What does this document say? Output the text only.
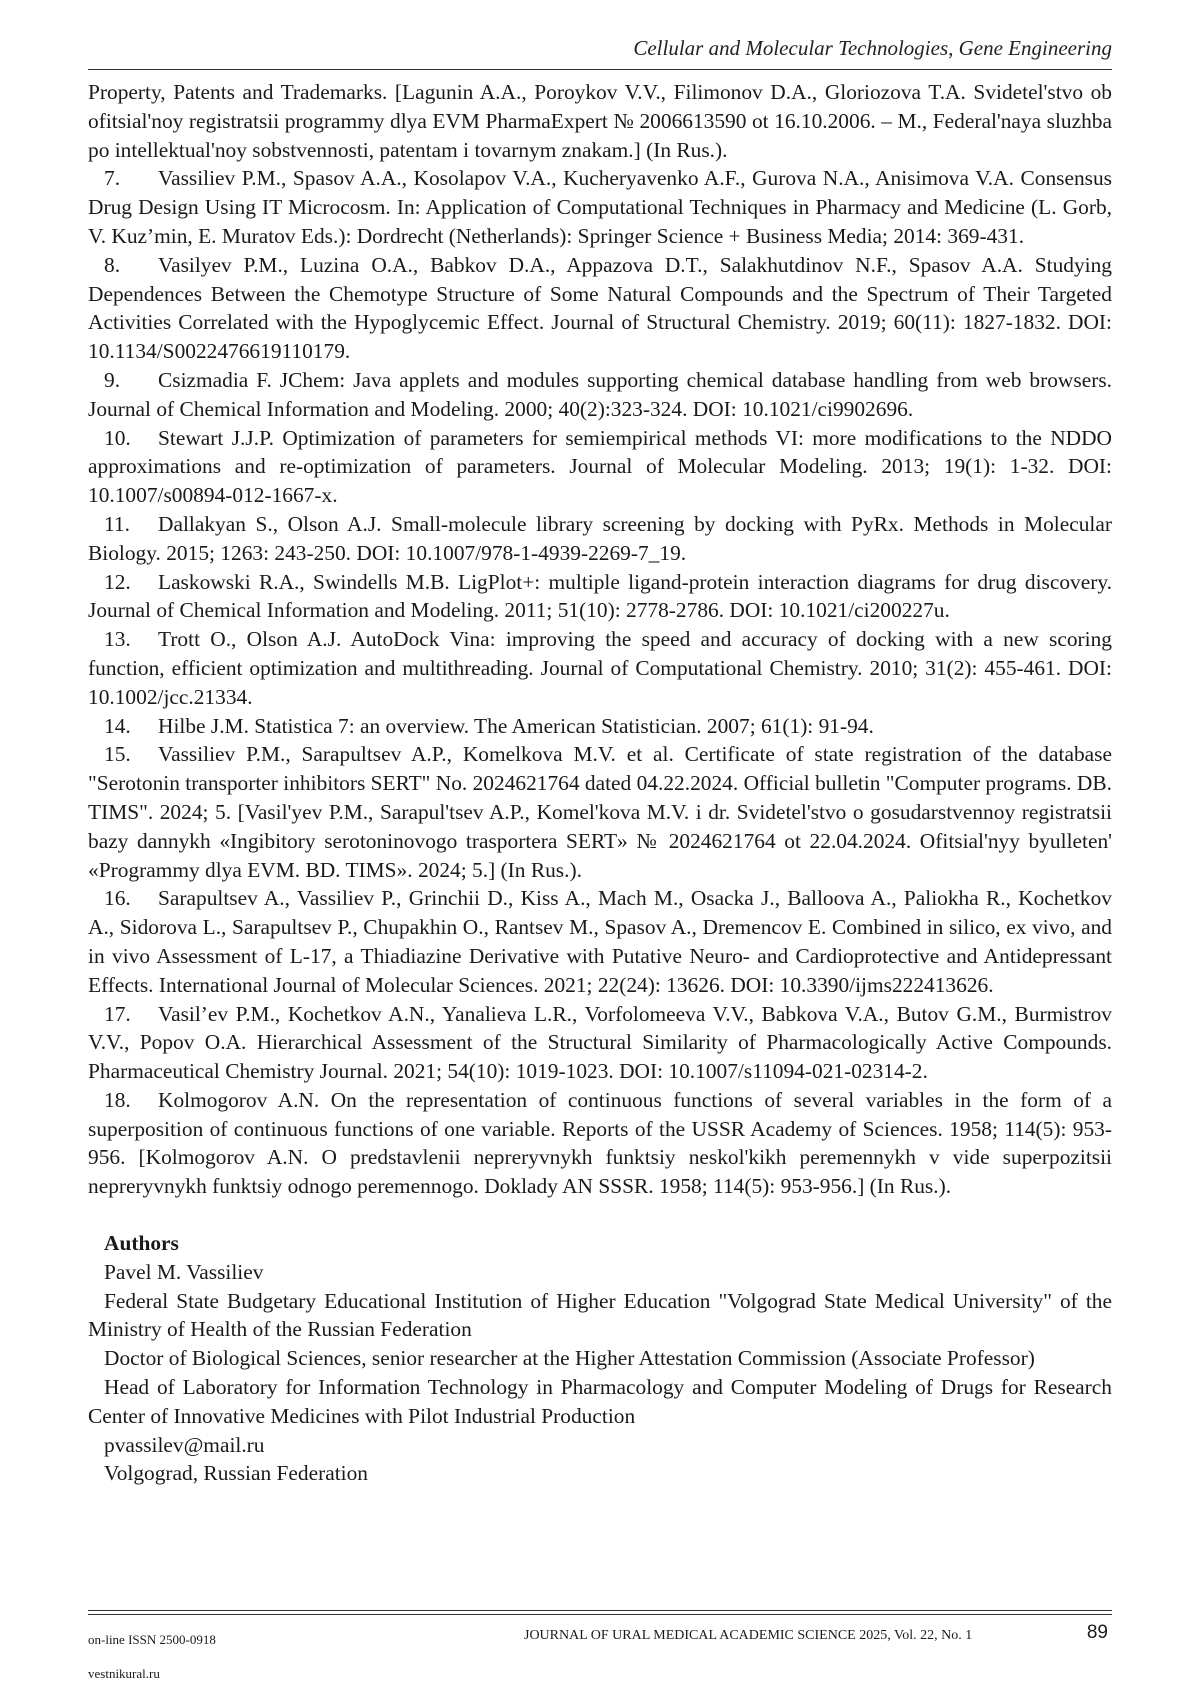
Cellular and Molecular Technologies, Gene Engineering

Property, Patents and Trademarks. [Lagunin A.A., Poroykov V.V., Filimonov D.A., Gloriozova T.A. Svidetel'stvo ob ofitsial'noy registratsii programmy dlya EVM PharmaExpert № 2006613590 ot 16.10.2006. – M., Federal'naya sluzhba po intellektual'noy sobstvennosti, patentam i tovarnym znakam.] (In Rus.).

7. Vassiliev P.M., Spasov A.A., Kosolapov V.A., Kucheryavenko A.F., Gurova N.A., Anisimova V.A. Consensus Drug Design Using IT Microcosm. In: Application of Computational Techniques in Pharmacy and Medicine (L. Gorb, V. Kuz’min, E. Muratov Eds.): Dordrecht (Netherlands): Springer Science + Business Media; 2014: 369-431.

8. Vasilyev P.M., Luzina O.A., Babkov D.A., Appazova D.T., Salakhutdinov N.F., Spasov A.A. Studying Dependences Between the Chemotype Structure of Some Natural Compounds and the Spectrum of Their Targeted Activities Correlated with the Hypoglycemic Effect. Journal of Structural Chemistry. 2019; 60(11): 1827-1832. DOI: 10.1134/S0022476619110179.

9. Csizmadia F. JChem: Java applets and modules supporting chemical database handling from web browsers. Journal of Chemical Information and Modeling. 2000; 40(2):323-324. DOI: 10.1021/ci9902696.

10. Stewart J.J.P. Optimization of parameters for semiempirical methods VI: more modifications to the NDDO approximations and re-optimization of parameters. Journal of Molecular Modeling. 2013; 19(1): 1-32. DOI: 10.1007/s00894-012-1667-x.

11. Dallakyan S., Olson A.J. Small-molecule library screening by docking with PyRx. Methods in Molecular Biology. 2015; 1263: 243-250. DOI: 10.1007/978-1-4939-2269-7_19.

12. Laskowski R.A., Swindells M.B. LigPlot+: multiple ligand-protein interaction diagrams for drug discovery. Journal of Chemical Information and Modeling. 2011; 51(10): 2778-2786. DOI: 10.1021/ci200227u.

13. Trott O., Olson A.J. AutoDock Vina: improving the speed and accuracy of docking with a new scoring function, efficient optimization and multithreading. Journal of Computational Chemistry. 2010; 31(2): 455-461. DOI: 10.1002/jcc.21334.

14. Hilbe J.M. Statistica 7: an overview. The American Statistician. 2007; 61(1): 91-94.

15. Vassiliev P.M., Sarapultsev A.P., Komelkova M.V. et al. Certificate of state registration of the database "Serotonin transporter inhibitors SERT" No. 2024621764 dated 04.22.2024. Official bulletin "Computer programs. DB. TIMS". 2024; 5. [Vasil'yev P.M., Sarapul'tsev A.P., Komel'kova M.V. i dr. Svidetel'stvo o gosudarstvennoy registratsii bazy dannykh «Ingibitory serotoninovogo trasportera SERT» № 2024621764 ot 22.04.2024. Ofitsial'nyy byulleten' «Programmy dlya EVM. BD. TIMS». 2024; 5.] (In Rus.).

16. Sarapultsev A., Vassiliev P., Grinchii D., Kiss A., Mach M., Osacka J., Balloova A., Paliokha R., Kochetkov A., Sidorova L., Sarapultsev P., Chupakhin O., Rantsev M., Spasov A., Dremencov E. Combined in silico, ex vivo, and in vivo Assessment of L-17, a Thiadiazine Derivative with Putative Neuro- and Cardioprotective and Antidepressant Effects. International Journal of Molecular Sciences. 2021; 22(24): 13626. DOI: 10.3390/ijms222413626.

17. Vasil’ev P.M., Kochetkov A.N., Yanalieva L.R., Vorfolomeeva V.V., Babkova V.A., Butov G.M., Burmistrov V.V., Popov O.A. Hierarchical Assessment of the Structural Similarity of Pharmacologically Active Compounds. Pharmaceutical Chemistry Journal. 2021; 54(10): 1019-1023. DOI: 10.1007/s11094-021-02314-2.

18. Kolmogorov A.N. On the representation of continuous functions of several variables in the form of a superposition of continuous functions of one variable. Reports of the USSR Academy of Sciences. 1958; 114(5): 953-956. [Kolmogorov A.N. O predstavlenii nepreryvnykh funktsiy neskol'kikh peremennykh v vide superpozitsii nepreryvnykh funktsiy odnogo peremennogo. Doklady AN SSSR. 1958; 114(5): 953-956.] (In Rus.).

Authors

Pavel M. Vassiliev

Federal State Budgetary Educational Institution of Higher Education "Volgograd State Medical University" of the Ministry of Health of the Russian Federation

Doctor of Biological Sciences, senior researcher at the Higher Attestation Commission (Associate Professor)

Head of Laboratory for Information Technology in Pharmacology and Computer Modeling of Drugs for Research Center of Innovative Medicines with Pilot Industrial Production

pvassilev@mail.ru

Volgograd, Russian Federation

on-line ISSN 2500-0918	JOURNAL OF URAL MEDICAL ACADEMIC SCIENCE 2025, Vol. 22, No. 1	89
vestnikural.ru
